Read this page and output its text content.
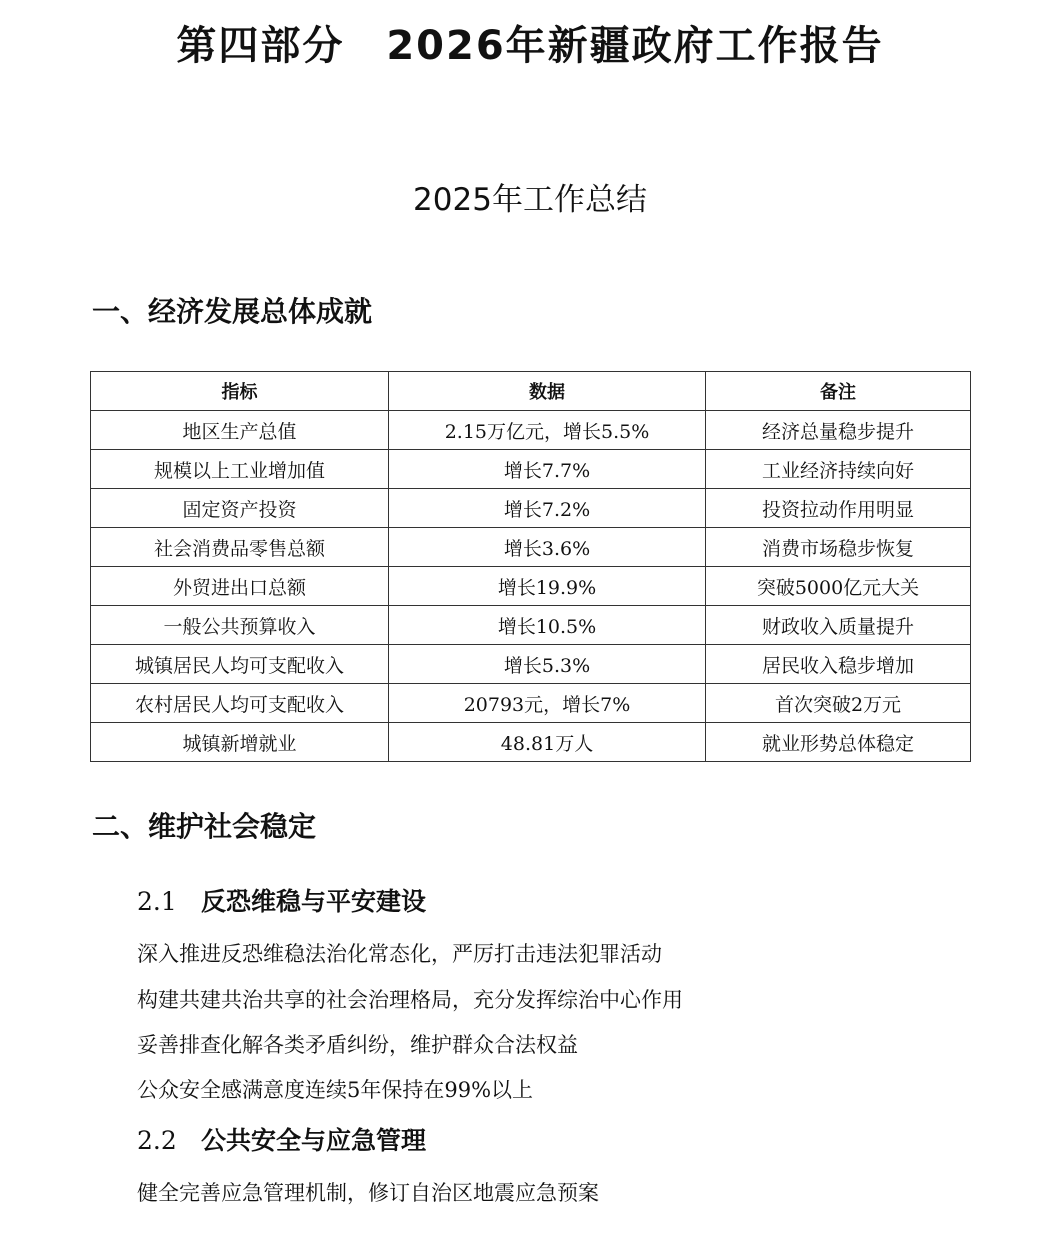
第四部分　2026年新疆政府工作报告
2025年工作总结
一、经济发展总体成就
指标	数据	备注
地区生产总值	2.15万亿元，增长5.5%	经济总量稳步提升
规模以上工业增加值	增长7.7%	工业经济持续向好
固定资产投资	增长7.2%	投资拉动作用明显
社会消费品零售总额	增长3.6%	消费市场稳步恢复
外贸进出口总额	增长19.9%	突破5000亿元大关
一般公共预算收入	增长10.5%	财政收入质量提升
城镇居民人均可支配收入	增长5.3%	居民收入稳步增加
农村居民人均可支配收入	20793元，增长7%	首次突破2万元
城镇新增就业	48.81万人	就业形势总体稳定
二、维护社会稳定
2.1 反恐维稳与平安建设
深入推进反恐维稳法治化常态化，严厉打击违法犯罪活动
构建共建共治共享的社会治理格局，充分发挥综治中心作用
妥善排查化解各类矛盾纠纷，维护群众合法权益
公众安全感满意度连续5年保持在99%以上
2.2 公共安全与应急管理
健全完善应急管理机制，修订自治区地震应急预案
